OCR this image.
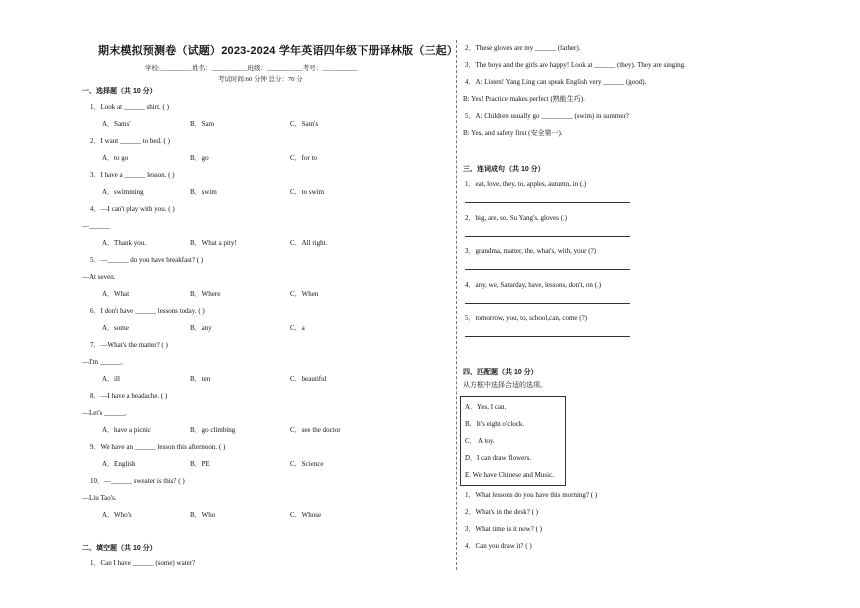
期末模拟预测卷（试题）2023-2024 学年英语四年级下册译林版（三起）
学校:__________姓名：___________班级：___________考号：___________
考试时间:60 分钟 总分：70 分
一、选择题（共 10 分）
1．Look at ______ shirt. ( )
A．Sams'	B．Sam	C．Sam's
2．I want ______ to bed. ( )
A．to go	B．go	C．for to
3．I have a ______ lesson. ( )
A．swimming	B．swim	C．to swim
4．—I can't play with you. ( )
—______
A．Thank you.	B．What a pity!	C．All right.
5．—______ do you have breakfast? ( )
—At seven.
A．What	B．Where	C．When
6．I don't have ______ lessons today. ( )
A．some	B．any	C．a
7．—What's the matter? ( )
—I'm ______.
A．ill	B．ten	C．beautiful
8．—I have a headache. ( )
—Let's ______.
A．have a picnic	B．go climbing	C．see the doctor
9．We have an ______ lesson this afternoon. ( )
A．English	B．PE	C．Science
10．—______ sweater is this? ( )
—Liu Tao's.
A．Who's	B．Who	C．Whose
二、填空题（共 10 分）
1．Can I have ______ (some) water?
2．These gloves are my ______ (father).
3．The boys and the girls are happy! Look at ______ (they). They are singing.
4．A: Listen! Yang Ling can speak English very ______ (good).
B: Yes! Practice makes perfect (熟能生巧).
5．A: Children usually go _________ (swim) in summer?
B: Yes, and safety first (安全第一).
三、连词成句（共 10 分）
1．eat, love, they, to, apples, autumn, in (.)
2．big, are, so, Su Yang's, gloves (.)
3．grandma, matter, the, what's, with, your (?)
4．any, we, Saturday, have, lessons, don't, on (.)
5．tomorrow, you, to, school,can, come (?)
四、匹配题（共 10 分）
从方框中选择合适的选项。
A．Yes, I can.
B．It's eight o'clock.
C． A toy.
D．I can draw flowers.
E. We have Chinese and Music.
1．What lessons do you have this morning? ( )
2．What's in the desk? ( )
3．What time is it now? ( )
4．Can you draw it? ( )
